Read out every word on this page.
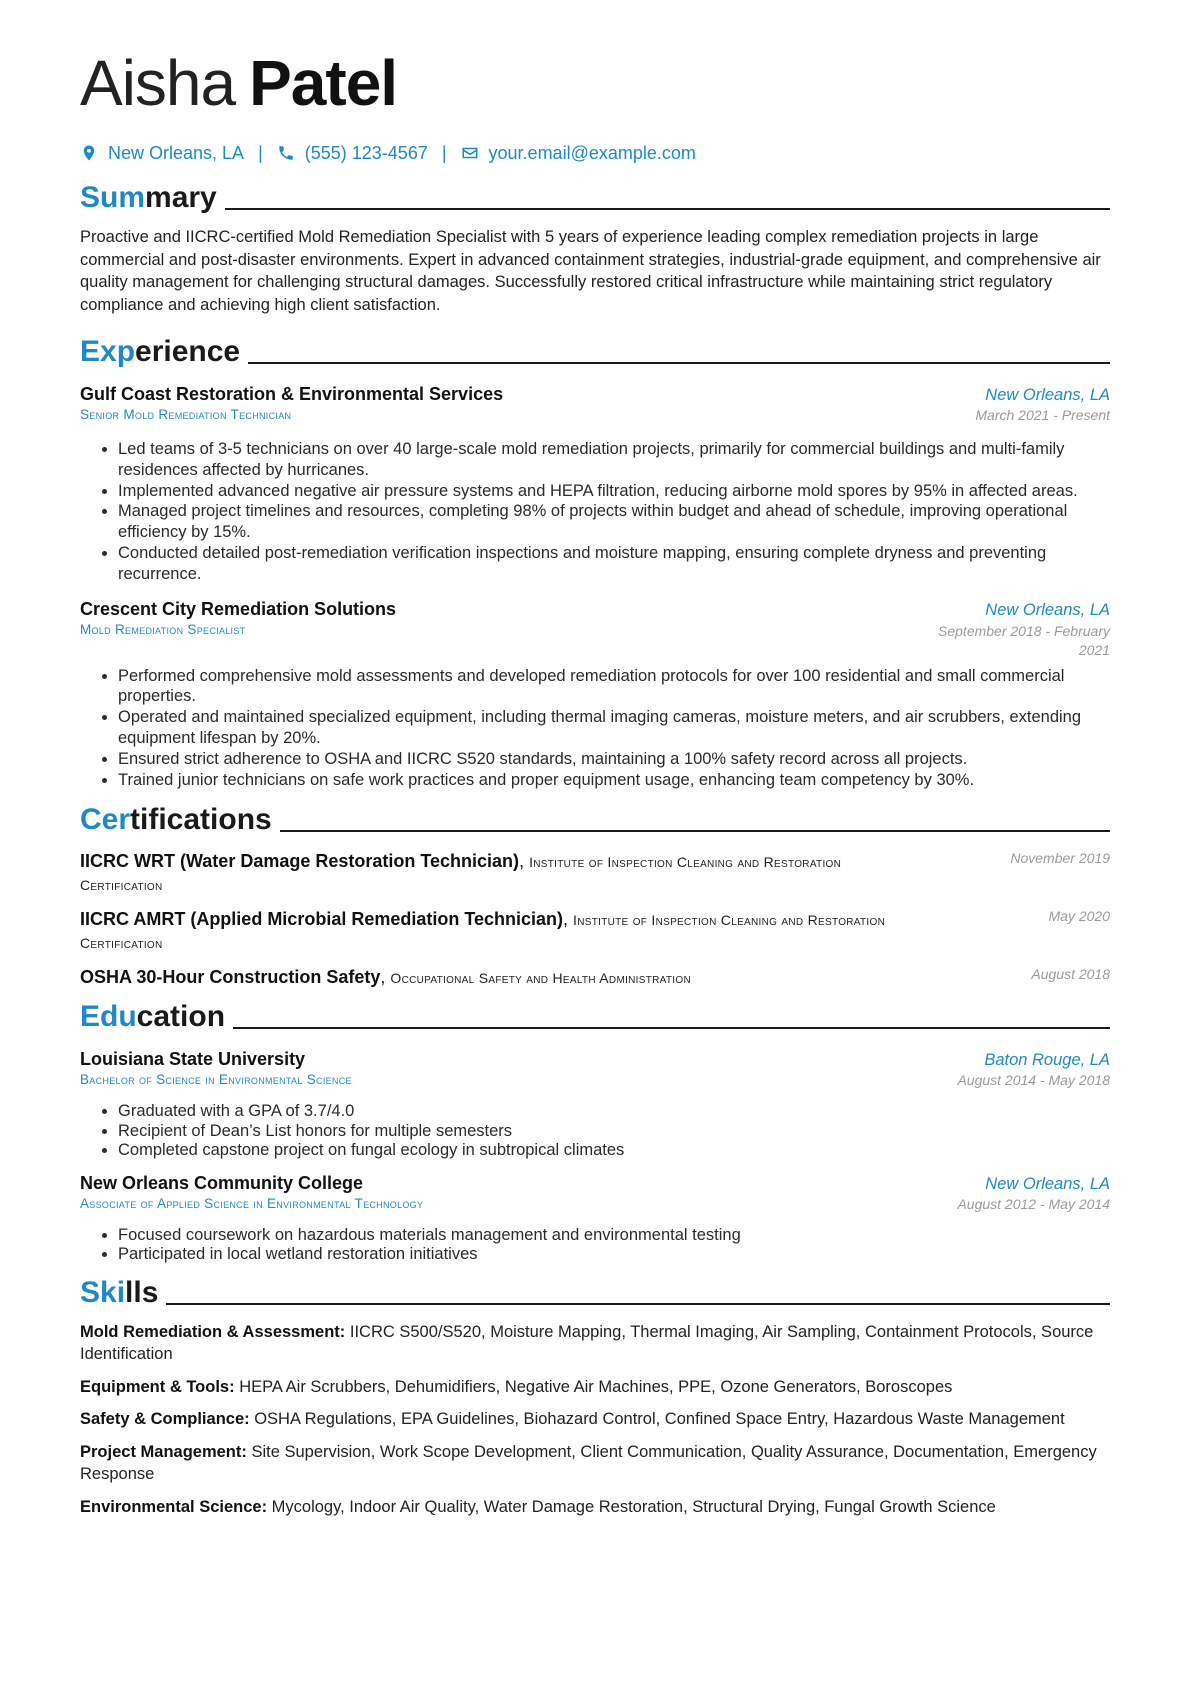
Aisha Patel
New Orleans, LA | (555) 123-4567 | your.email@example.com
Summary

Proactive and IICRC-certified Mold Remediation Specialist with 5 years of experience leading complex remediation projects in large commercial and post-disaster environments. Expert in advanced containment strategies, industrial-grade equipment, and comprehensive air quality management for challenging structural damages. Successfully restored critical infrastructure while maintaining strict regulatory compliance and achieving high client satisfaction.

Experience
Gulf Coast Restoration & Environmental Services	New Orleans, LA
Senior Mold Remediation Technician	March 2021 - Present
• Led teams of 3-5 technicians on over 40 large-scale mold remediation projects, primarily for commercial buildings and multi-family residences affected by hurricanes.
• Implemented advanced negative air pressure systems and HEPA filtration, reducing airborne mold spores by 95% in affected areas.
• Managed project timelines and resources, completing 98% of projects within budget and ahead of schedule, improving operational efficiency by 15%.
• Conducted detailed post-remediation verification inspections and moisture mapping, ensuring complete dryness and preventing recurrence.
Crescent City Remediation Solutions	New Orleans, LA
Mold Remediation Specialist	September 2018 - February 2021
• Performed comprehensive mold assessments and developed remediation protocols for over 100 residential and small commercial properties.
• Operated and maintained specialized equipment, including thermal imaging cameras, moisture meters, and air scrubbers, extending equipment lifespan by 20%.
• Ensured strict adherence to OSHA and IICRC S520 standards, maintaining a 100% safety record across all projects.
• Trained junior technicians on safe work practices and proper equipment usage, enhancing team competency by 30%.
Certifications
IICRC WRT (Water Damage Restoration Technician), Institute of Inspection Cleaning and Restoration Certification
November 2019
IICRC AMRT (Applied Microbial Remediation Technician), Institute of Inspection Cleaning and Restoration Certification
May 2020
OSHA 30-Hour Construction Safety, Occupational Safety and Health Administration	August 2018
Education
Louisiana State University	Baton Rouge, LA
Bachelor of Science in Environmental Science	August 2014 - May 2018
• Graduated with a GPA of 3.7/4.0
• Recipient of Dean’s List honors for multiple semesters
• Completed capstone project on fungal ecology in subtropical climates
New Orleans Community College	New Orleans, LA
Associate of Applied Science in Environmental Technology	August 2012 - May 2014
• Focused coursework on hazardous materials management and environmental testing
• Participated in local wetland restoration initiatives
Skills
Mold Remediation & Assessment: IICRC S500/S520, Moisture Mapping, Thermal Imaging, Air Sampling, Containment Protocols, Source Identification
Equipment & Tools: HEPA Air Scrubbers, Dehumidifiers, Negative Air Machines, PPE, Ozone Generators, Boroscopes
Safety & Compliance: OSHA Regulations, EPA Guidelines, Biohazard Control, Confined Space Entry, Hazardous Waste Management
Project Management: Site Supervision, Work Scope Development, Client Communication, Quality Assurance, Documentation, Emergency Response
Environmental Science: Mycology, Indoor Air Quality, Water Damage Restoration, Structural Drying, Fungal Growth Science
